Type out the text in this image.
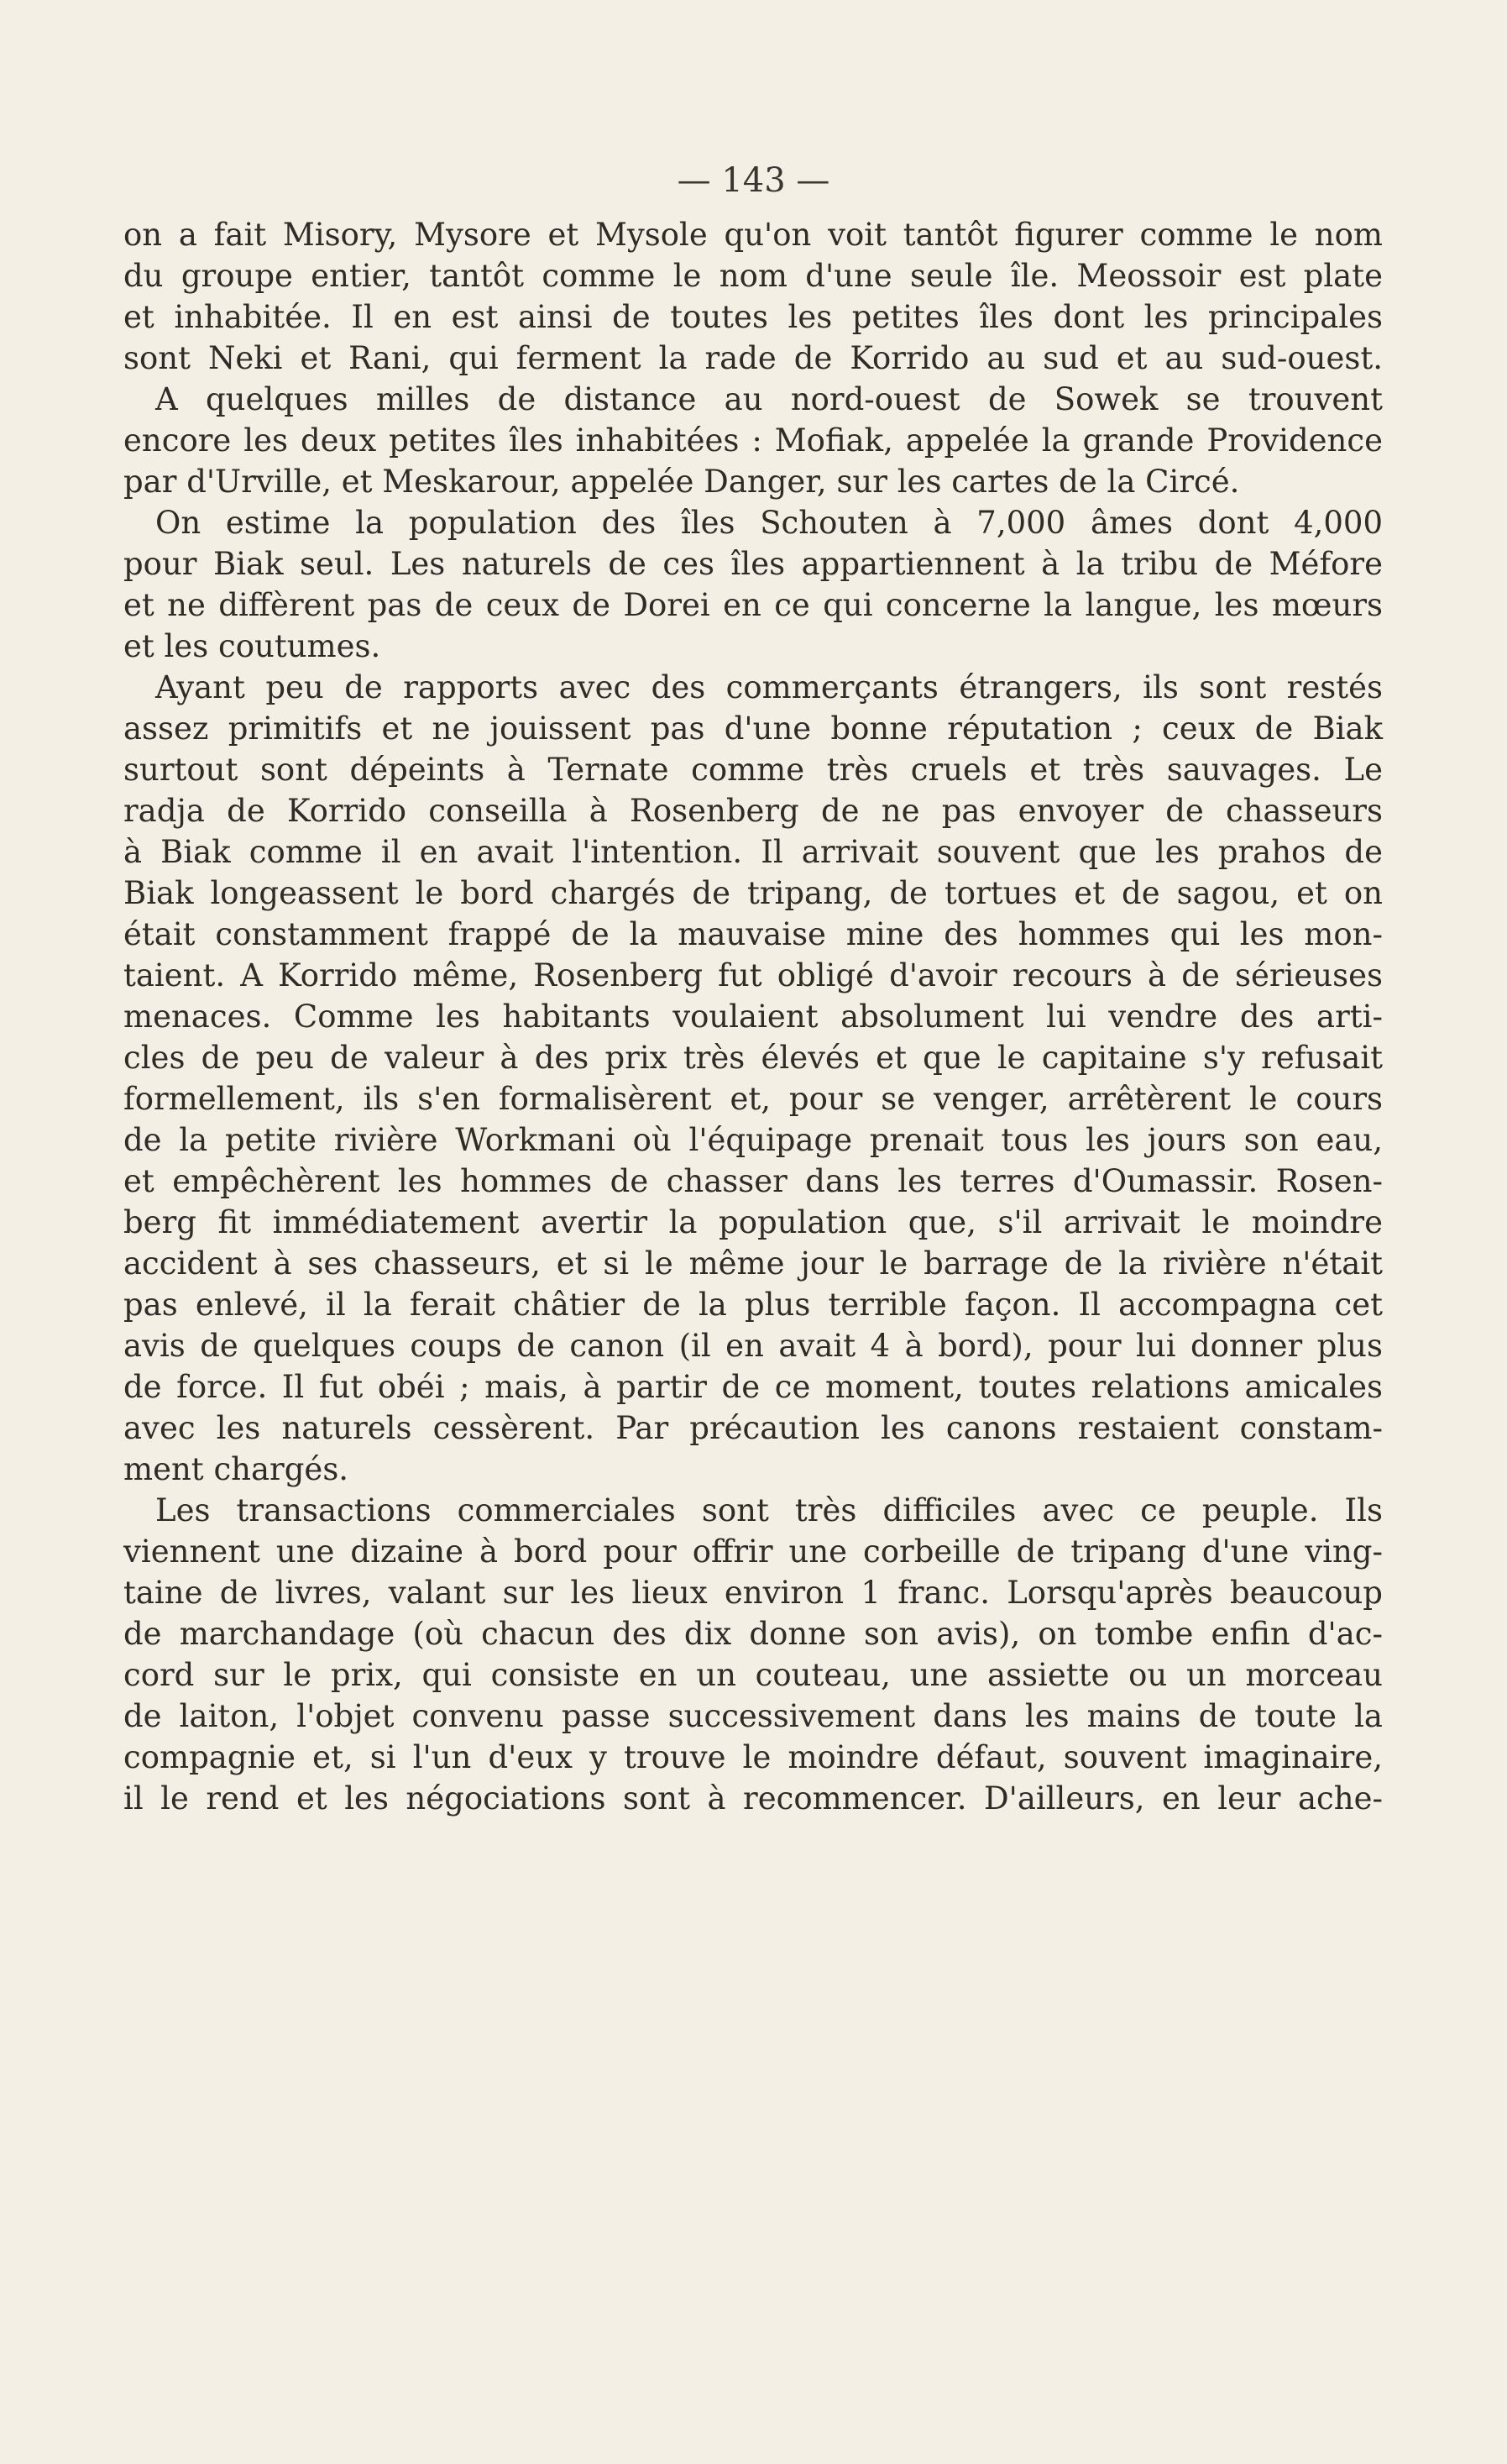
— 143 —
on a fait Misory, Mysore et Mysole qu'on voit tantôt figurer comme le nom
du groupe entier, tantôt comme le nom d'une seule île. Meossoir est plate
et inhabitée. Il en est ainsi de toutes les petites îles dont les principales
sont Neki et Rani, qui ferment la rade de Korrido au sud et au sud-ouest.
A quelques milles de distance au nord-ouest de Sowek se trouvent
encore les deux petites îles inhabitées : Mofiak, appelée la grande Providence
par d'Urville, et Meskarour, appelée Danger, sur les cartes de la Circé.
On estime la population des îles Schouten à 7,000 âmes dont 4,000
pour Biak seul. Les naturels de ces îles appartiennent à la tribu de Méfore
et ne diffèrent pas de ceux de Dorei en ce qui concerne la langue, les mœurs
et les coutumes.
Ayant peu de rapports avec des commerçants étrangers, ils sont restés
assez primitifs et ne jouissent pas d'une bonne réputation ; ceux de Biak
surtout sont dépeints à Ternate comme très cruels et très sauvages. Le
radja de Korrido conseilla à Rosenberg de ne pas envoyer de chasseurs
à Biak comme il en avait l'intention. Il arrivait souvent que les prahos de
Biak longeassent le bord chargés de tripang, de tortues et de sagou, et on
était constamment frappé de la mauvaise mine des hommes qui les mon-
taient. A Korrido même, Rosenberg fut obligé d'avoir recours à de sérieuses
menaces. Comme les habitants voulaient absolument lui vendre des arti-
cles de peu de valeur à des prix très élevés et que le capitaine s'y refusait
formellement, ils s'en formalisèrent et, pour se venger, arrêtèrent le cours
de la petite rivière Workmani où l'équipage prenait tous les jours son eau,
et empêchèrent les hommes de chasser dans les terres d'Oumassir. Rosen-
berg fit immédiatement avertir la population que, s'il arrivait le moindre
accident à ses chasseurs, et si le même jour le barrage de la rivière n'était
pas enlevé, il la ferait châtier de la plus terrible façon. Il accompagna cet
avis de quelques coups de canon (il en avait 4 à bord), pour lui donner plus
de force. Il fut obéi ; mais, à partir de ce moment, toutes relations amicales
avec les naturels cessèrent. Par précaution les canons restaient constam-
ment chargés.
Les transactions commerciales sont très difficiles avec ce peuple. Ils
viennent une dizaine à bord pour offrir une corbeille de tripang d'une ving-
taine de livres, valant sur les lieux environ 1 franc. Lorsqu'après beaucoup
de marchandage (où chacun des dix donne son avis), on tombe enfin d'ac-
cord sur le prix, qui consiste en un couteau, une assiette ou un morceau
de laiton, l'objet convenu passe successivement dans les mains de toute la
compagnie et, si l'un d'eux y trouve le moindre défaut, souvent imaginaire,
il le rend et les négociations sont à recommencer. D'ailleurs, en leur ache-
